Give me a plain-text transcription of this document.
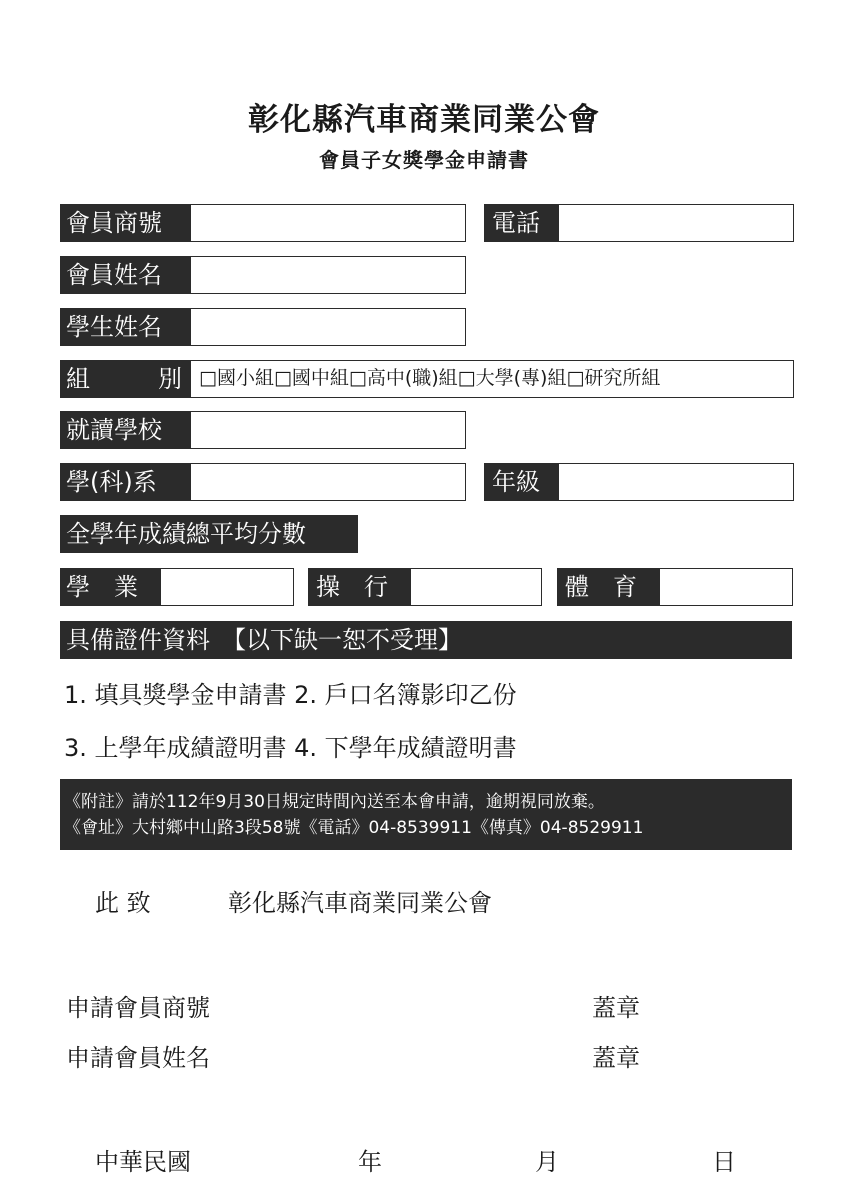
彰化縣汽車商業同業公會
會員子女獎學金申請書
會員商號	電話
會員姓名
學生姓名
組	別 □國小組□國中組□高中(職)組□大學(專)組□研究所組
就讀學校
學(科)系	年級
全學年成績總平均分數
學　業	操　行	體　育
具備證件資料　【以下缺一恕不受理】
1. 填具獎學金申請書 2. 戶口名簿影印乙份
3. 上學年成績證明書 4. 下學年成績證明書
《附註》請於112年9月30日規定時間內送至本會申請，逾期視同放棄。
《會址》大村鄉中山路3段58號《電話》04-8539911《傳真》04-8529911
此 致	彰化縣汽車商業同業公會
申請會員商號	蓋章
申請會員姓名	蓋章
中華民國	年	月	日
